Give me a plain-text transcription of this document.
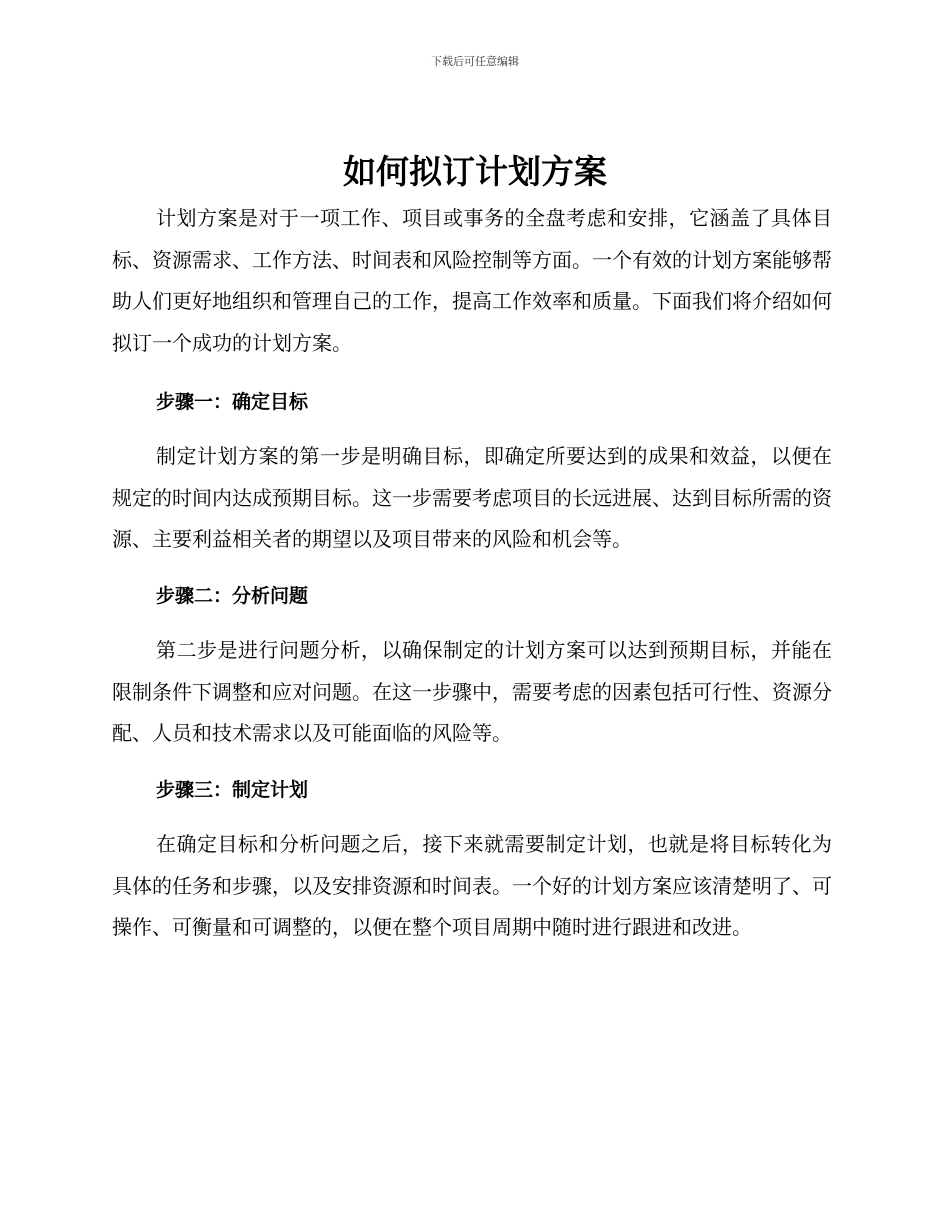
下载后可任意编辑
如何拟订计划方案

计划方案是对于一项工作、项目或事务的全盘考虑和安排，它涵盖了具体目标、资源需求、工作方法、时间表和风险控制等方面。一个有效的计划方案能够帮助人们更好地组织和管理自己的工作，提高工作效率和质量。下面我们将介绍如何拟订一个成功的计划方案。

步骤一：确定目标

制定计划方案的第一步是明确目标，即确定所要达到的成果和效益，以便在规定的时间内达成预期目标。这一步需要考虑项目的长远进展、达到目标所需的资源、主要利益相关者的期望以及项目带来的风险和机会等。

步骤二：分析问题

第二步是进行问题分析，以确保制定的计划方案可以达到预期目标，并能在限制条件下调整和应对问题。在这一步骤中，需要考虑的因素包括可行性、资源分配、人员和技术需求以及可能面临的风险等。

步骤三：制定计划

在确定目标和分析问题之后，接下来就需要制定计划，也就是将目标转化为具体的任务和步骤，以及安排资源和时间表。一个好的计划方案应该清楚明了、可操作、可衡量和可调整的，以便在整个项目周期中随时进行跟进和改进。
